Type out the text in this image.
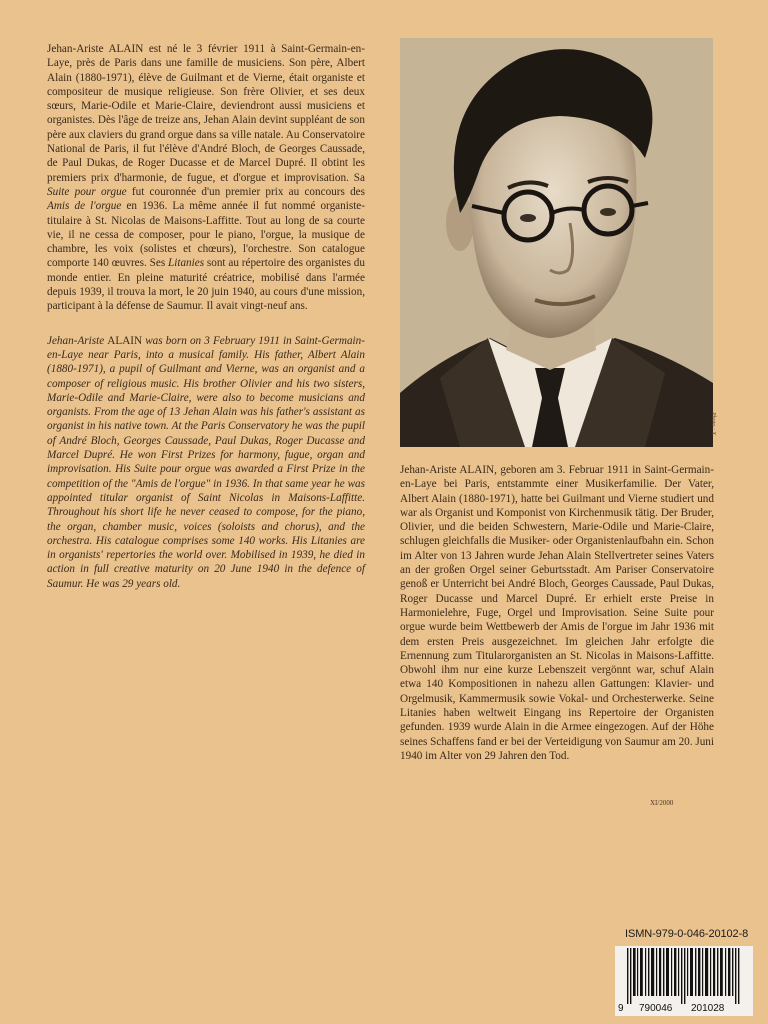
Jehan-Ariste ALAIN est né le 3 février 1911 à Saint-Germain-en-Laye, près de Paris dans une famille de musiciens. Son père, Albert Alain (1880-1971), élève de Guilmant et de Vierne, était organiste et compositeur de musique religieuse. Son frère Olivier, et ses deux sœurs, Marie-Odile et Marie-Claire, deviendront aussi musiciens et organistes. Dès l'âge de treize ans, Jehan Alain devint suppléant de son père aux claviers du grand orgue dans sa ville natale. Au Conservatoire National de Paris, il fut l'élève d'André Bloch, de Georges Caussade, de Paul Dukas, de Roger Ducasse et de Marcel Dupré. Il obtint les premiers prix d'harmonie, de fugue, et d'orgue et improvisation. Sa Suite pour orgue fut couronnée d'un premier prix au concours des Amis de l'orgue en 1936. La même année il fut nommé organiste-titulaire à St. Nicolas de Maisons-Laffitte. Tout au long de sa courte vie, il ne cessa de composer, pour le piano, l'orgue, la musique de chambre, les voix (solistes et chœurs), l'orchestre. Son catalogue comporte 140 œuvres. Ses Litanies sont au répertoire des organistes du monde entier. En pleine maturité créatrice, mobilisé dans l'armée depuis 1939, il trouva la mort, le 20 juin 1940, au cours d'une mission, participant à la défense de Saumur. Il avait vingt-neuf ans.

Jehan-Ariste ALAIN was born on 3 February 1911 in Saint-Germain-en-Laye near Paris, into a musical family. His father, Albert Alain (1880-1971), a pupil of Guilmant and Vierne, was an organist and a composer of religious music. His brother Olivier and his two sisters, Marie-Odile and Marie-Claire, were also to become musicians and organists. From the age of 13 Jehan Alain was his father's assistant as organist in his native town. At the Paris Conservatory he was the pupil of André Bloch, Georges Caussade, Paul Dukas, Roger Ducasse and Marcel Dupré. He won First Prizes for harmony, fugue, organ and improvisation. His Suite pour orgue was awarded a First Prize in the competition of the "Amis de l'orgue" in 1936. In that same year he was appointed titular organist of Saint Nicolas in Maisons-Laffitte. Throughout his short life he never ceased to compose, for the piano, the organ, chamber music, voices (soloists and chorus), and the orchestra. His catalogue comprises some 140 works. His Litanies are in organists' repertories the world over. Mobilised in 1939, he died in action in full creative maturity on 20 June 1940 in the defence of Saumur. He was 29 years old.

Photo : X

Jehan-Ariste ALAIN, geboren am 3. Februar 1911 in Saint-Germain-en-Laye bei Paris, entstammte einer Musikerfamilie. Der Vater, Albert Alain (1880-1971), hatte bei Guilmant und Vierne studiert und war als Organist und Komponist von Kirchenmusik tätig. Der Bruder, Olivier, und die beiden Schwestern, Marie-Odile und Marie-Claire, schlugen gleichfalls die Musiker- oder Organistenlaufbahn ein. Schon im Alter von 13 Jahren wurde Jehan Alain Stellvertreter seines Vaters an der großen Orgel seiner Geburtsstadt. Am Pariser Conservatoire genoß er Unterricht bei André Bloch, Georges Caussade, Paul Dukas, Roger Ducasse und Marcel Dupré. Er erhielt erste Preise in Harmonielehre, Fuge, Orgel und Improvisation. Seine Suite pour orgue wurde beim Wettbewerb der Amis de l'orgue im Jahr 1936 mit dem ersten Preis ausgezeichnet. Im gleichen Jahr erfolgte die Ernennung zum Titularorganisten an St. Nicolas in Maisons-Laffitte. Obwohl ihm nur eine kurze Lebenszeit vergönnt war, schuf Alain etwa 140 Kompositionen in nahezu allen Gattungen: Klavier- und Orgelmusik, Kammermusik sowie Vokal- und Orchesterwerke. Seine Litanies haben weltweit Eingang ins Repertoire der Organisten gefunden. 1939 wurde Alain in die Armee eingezogen. Auf der Höhe seines Schaffens fand er bei der Verteidigung von Saumur am 20. Juni 1940 im Alter von 29 Jahren den Tod.

XI/2000
ISMN-979-0-046-20102-8
9 790046 201028
